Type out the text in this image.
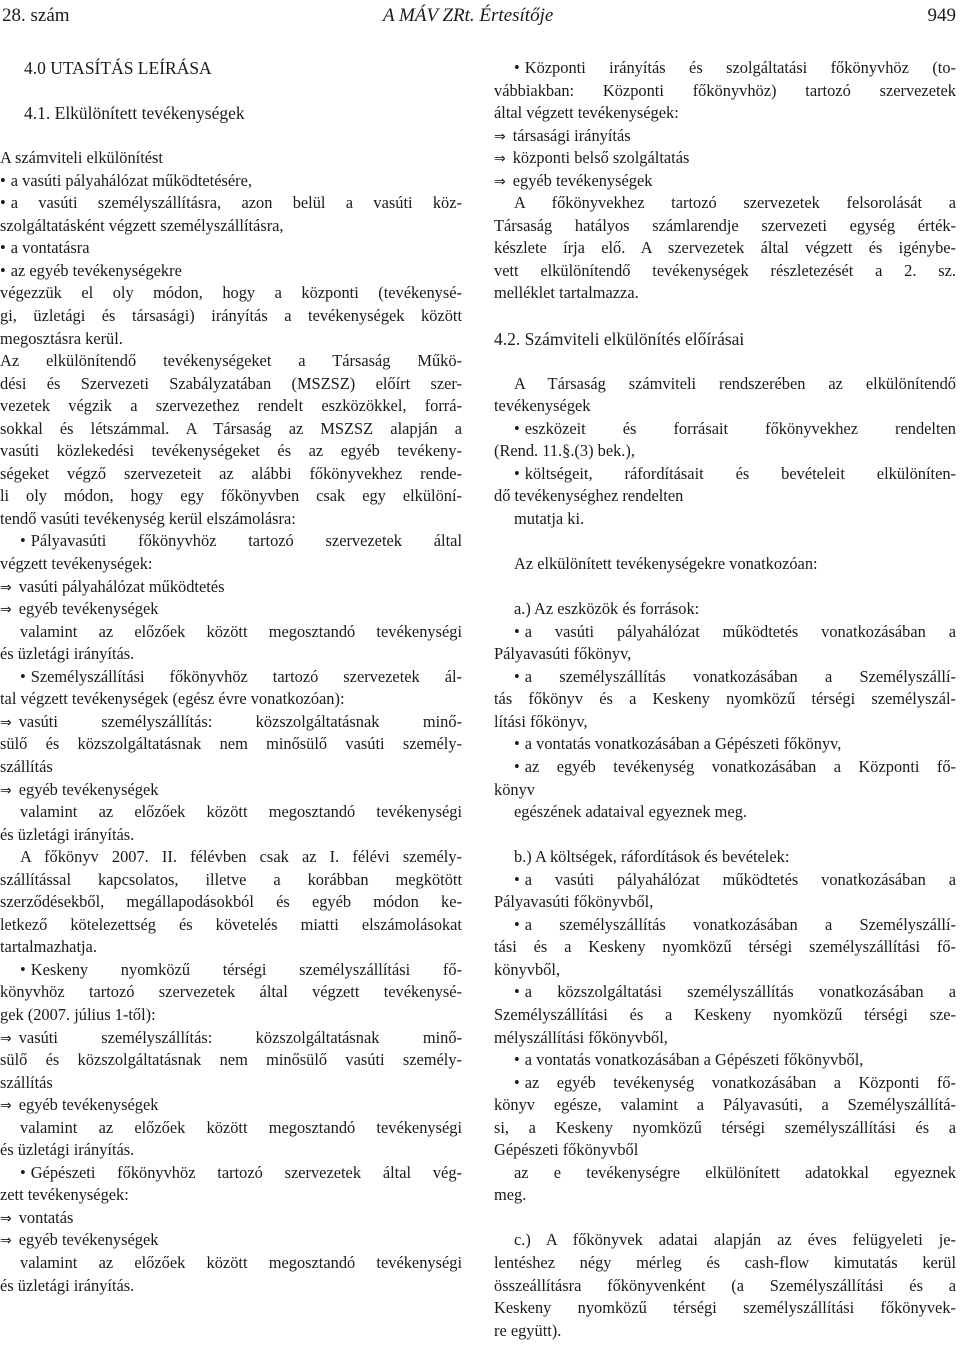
28. szám	A MÁV ZRt. Értesítője	949
4.0 UTASÍTÁS LEÍRÁSA
4.1. Elkülönített tevékenységek
A számviteli elkülönítést
• a vasúti pályahálózat működtetésére,
• a vasúti személyszállításra, azon belül a vasúti köz-
szolgáltatásként végzett személyszállításra,
• a vontatásra
• az egyéb tevékenységekre
végezzük el oly módon, hogy a központi (tevékenysé-
gi, üzletági és társasági) irányítás a tevékenységek között
megosztásra kerül.
Az elkülönítendő tevékenységeket a Társaság Műkö-
dési és Szervezeti Szabályzatában (MSZSZ) előírt szer-
vezetek végzik a szervezethez rendelt eszközökkel, forrá-
sokkal és létszámmal. A Társaság az MSZSZ alapján a
vasúti közlekedési tevékenységeket és az egyéb tevékeny-
ségeket végző szervezeteit az alábbi főkönyvekhez rende-
li oly módon, hogy egy főkönyvben csak egy elkülöní-
tendő vasúti tevékenység kerül elszámolásra:
• Pályavasúti főkönyvhöz tartozó szervezetek által
végzett tevékenységek:
⇒ vasúti pályahálózat működtetés
⇒ egyéb tevékenységek
valamint az előzőek között megosztandó tevékenységi
és üzletági irányítás.
• Személyszállítási főkönyvhöz tartozó szervezetek ál-
tal végzett tevékenységek (egész évre vonatkozóan):
⇒ vasúti személyszállítás: közszolgáltatásnak minő-
sülő és közszolgáltatásnak nem minősülő vasúti személy-
szállítás
⇒ egyéb tevékenységek
valamint az előzőek között megosztandó tevékenységi
és üzletági irányítás.
A főkönyv 2007. II. félévben csak az I. félévi személy-
szállítással kapcsolatos, illetve a korábban megkötött
szerződésekből, megállapodásokból és egyéb módon ke-
letkező kötelezettség és követelés miatti elszámolásokat
tartalmazhatja.
• Keskeny nyomközű térségi személyszállítási fő-
könyvhöz tartozó szervezetek által végzett tevékenysé-
gek (2007. július 1-től):
⇒ vasúti személyszállítás: közszolgáltatásnak minő-
sülő és közszolgáltatásnak nem minősülő vasúti személy-
szállítás
⇒ egyéb tevékenységek
valamint az előzőek között megosztandó tevékenységi
és üzletági irányítás.
• Gépészeti főkönyvhöz tartozó szervezetek által vég-
zett tevékenységek:
⇒ vontatás
⇒ egyéb tevékenységek
valamint az előzőek között megosztandó tevékenységi
és üzletági irányítás.
• Központi irányítás és szolgáltatási főkönyvhöz (to-
vábbiakban: Központi főkönyvhöz) tartozó szervezetek
által végzett tevékenységek:
⇒ társasági irányítás
⇒ központi belső szolgáltatás
⇒ egyéb tevékenységek
A főkönyvekhez tartozó szervezetek felsorolását a
Társaság hatályos számlarendje szervezeti egység érték-
készlete írja elő. A szervezetek által végzett és igénybe-
vett elkülönítendő tevékenységek részletezését a 2. sz.
melléklet tartalmazza.
4.2. Számviteli elkülönítés előírásai
A Társaság számviteli rendszerében az elkülönítendő
tevékenységek
• eszközeit és forrásait főkönyvekhez rendelten
(Rend. 11.§.(3) bek.),
• költségeit, ráfordításait és bevételeit elkülöníten-
dő tevékenységhez rendelten
mutatja ki.
Az elkülönített tevékenységekre vonatkozóan:
a.) Az eszközök és források:
• a vasúti pályahálózat működtetés vonatkozásában a
Pályavasúti főkönyv,
• a személyszállítás vonatkozásában a Személyszállí-
tás főkönyv és a Keskeny nyomközű térségi személyszál-
lítási főkönyv,
• a vontatás vonatkozásában a Gépészeti főkönyv,
• az egyéb tevékenység vonatkozásában a Központi fő-
könyv
egészének adataival egyeznek meg.
b.) A költségek, ráfordítások és bevételek:
• a vasúti pályahálózat működtetés vonatkozásában a
Pályavasúti főkönyvből,
• a személyszállítás vonatkozásában a Személyszállí-
tási és a Keskeny nyomközű térségi személyszállítási fő-
könyvből,
• a közszolgáltatási személyszállítás vonatkozásában a
Személyszállítási és a Keskeny nyomközű térségi sze-
mélyszállítási főkönyvből,
• a vontatás vonatkozásában a Gépészeti főkönyvből,
• az egyéb tevékenység vonatkozásában a Központi fő-
könyv egésze, valamint a Pályavasúti, a Személyszállítá-
si, a Keskeny nyomközű térségi személyszállítási és a
Gépészeti főkönyvből
az e tevékenységre elkülönített adatokkal egyeznek
meg.
c.) A főkönyvek adatai alapján az éves felügyeleti je-
lentéshez négy mérleg és cash-flow kimutatás kerül
összeállításra főkönyvenként (a Személyszállítási és a
Keskeny nyomközű térségi személyszállítási főkönyvek-
re együtt).
